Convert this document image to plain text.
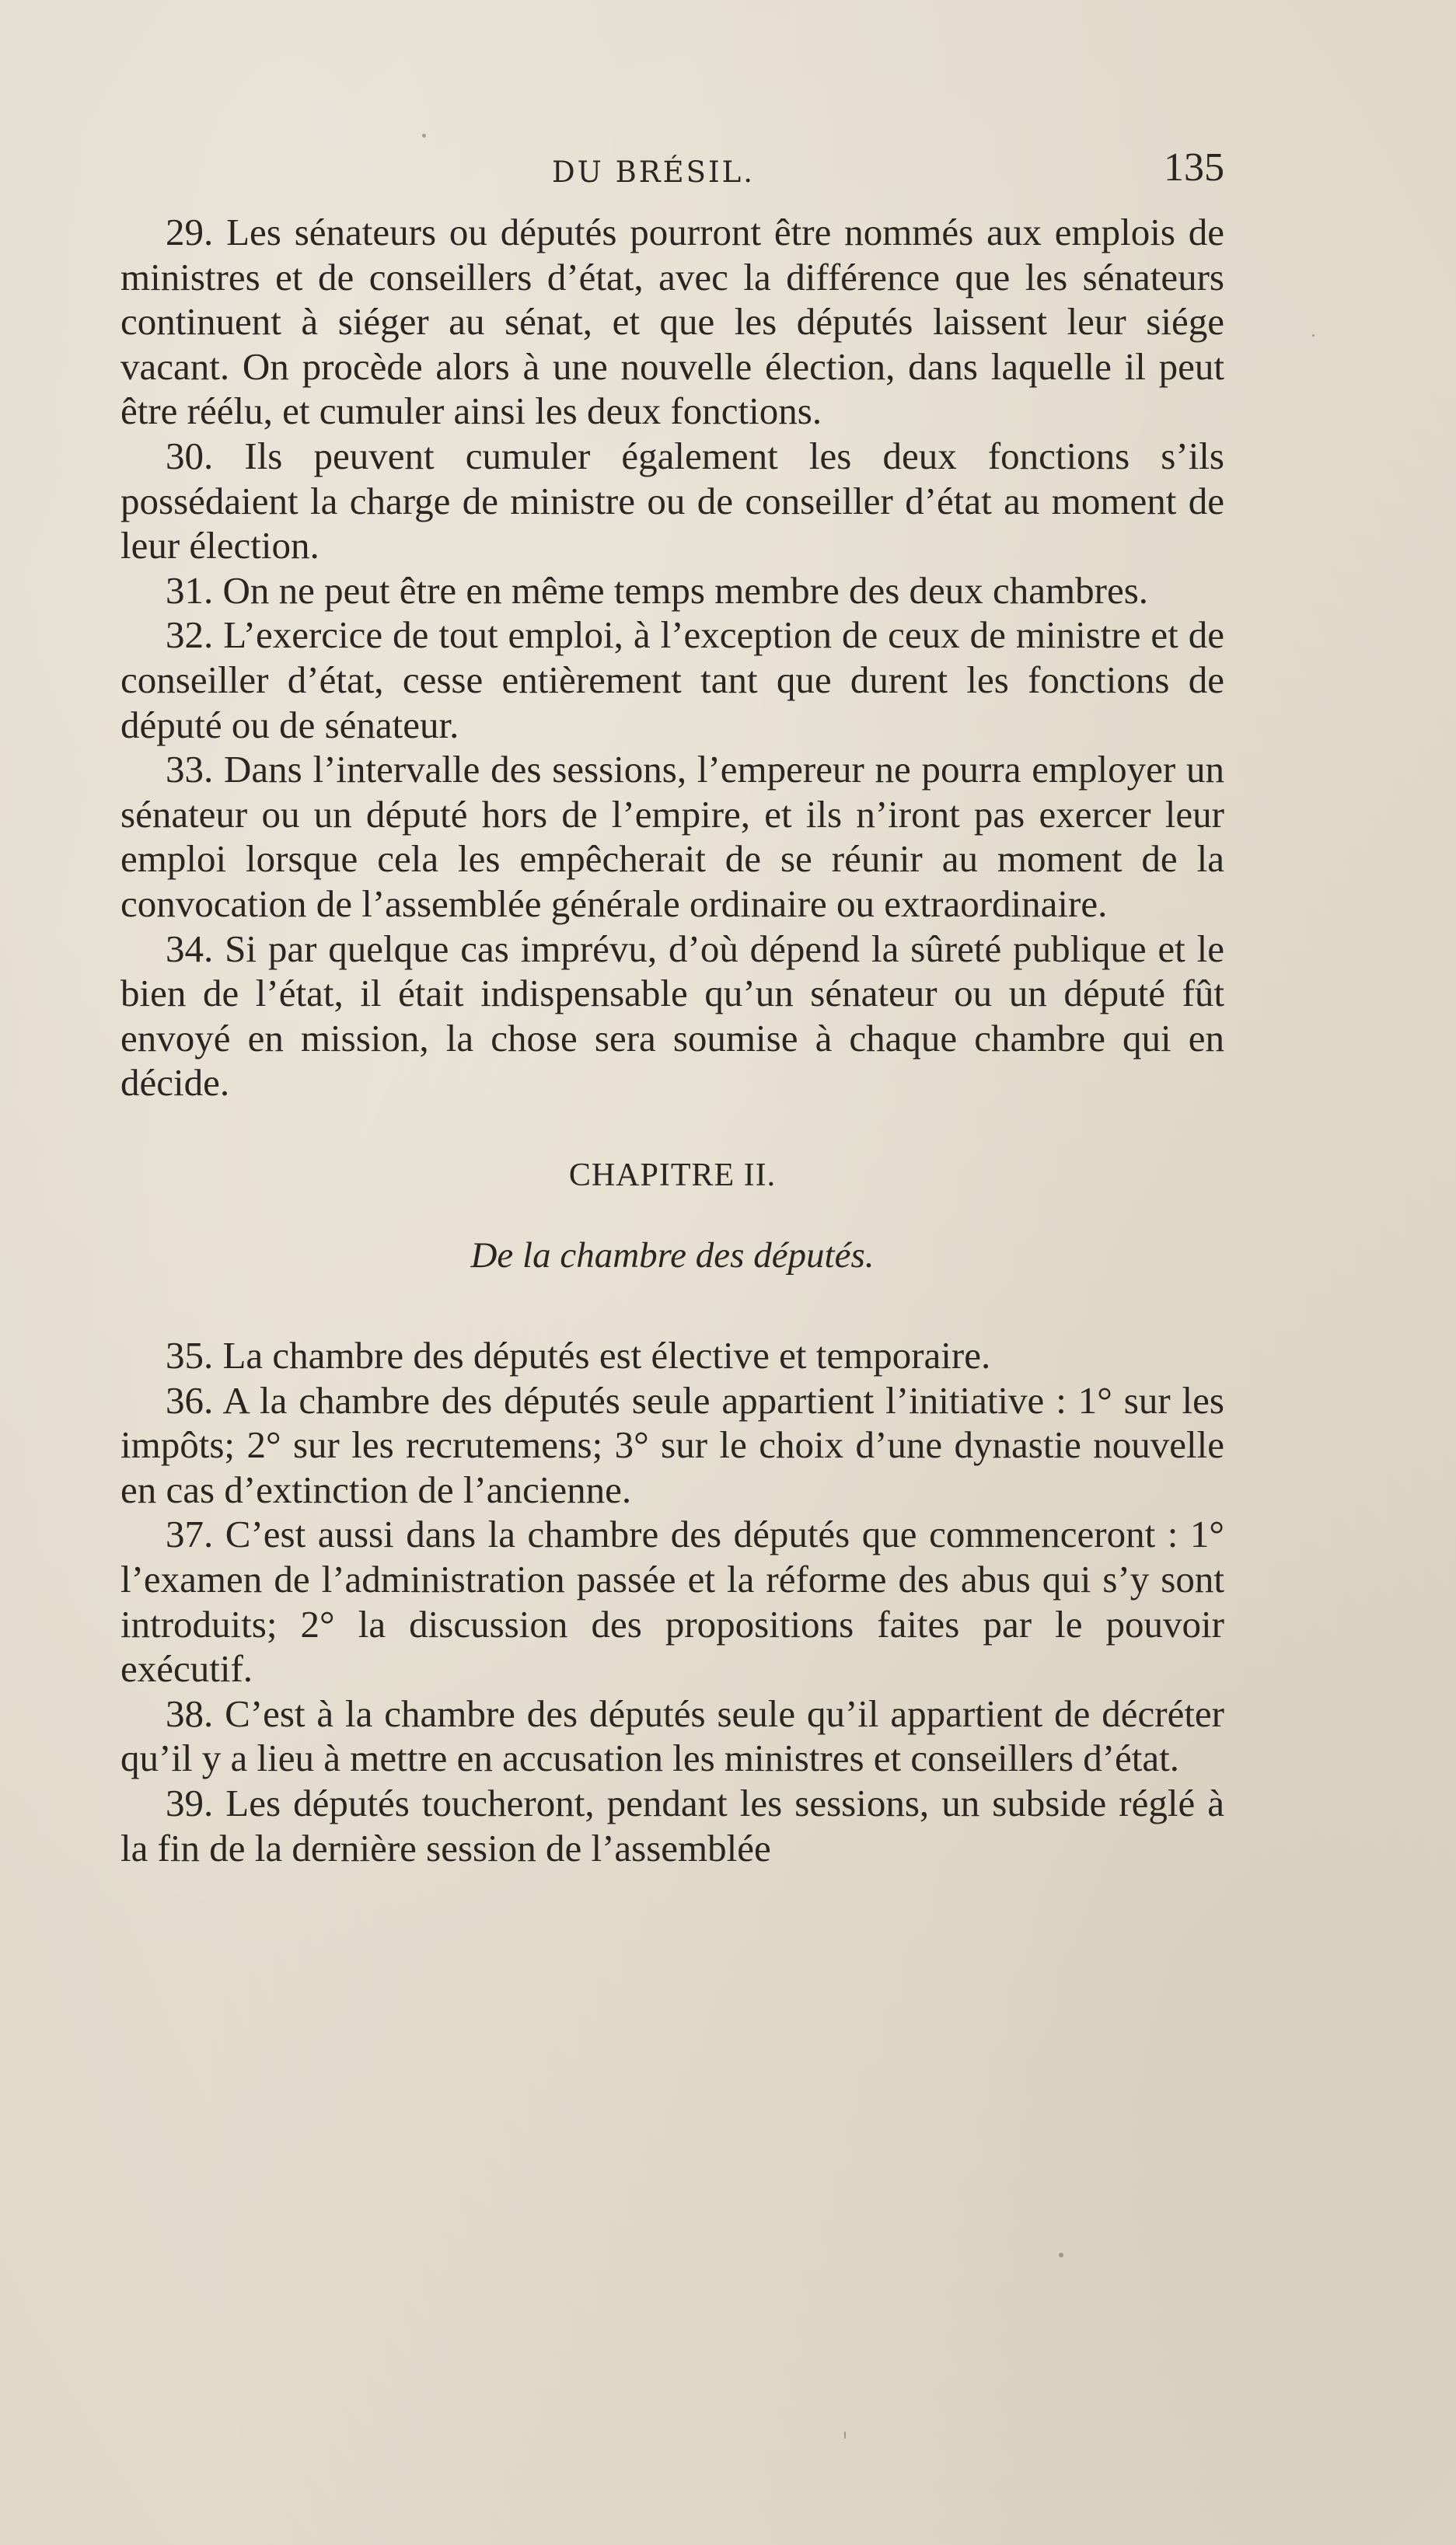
DU BRÉSIL.	135

29. Les sénateurs ou députés pourront être nommés aux emplois de ministres et de conseillers d’état, avec la différence que les sénateurs continuent à siéger au sénat, et que les députés laissent leur siége vacant. On procède alors à une nouvelle élection, dans laquelle il peut être réélu, et cumuler ainsi les deux fonctions.

30. Ils peuvent cumuler également les deux fonctions s’ils possédaient la charge de ministre ou de conseiller d’état au moment de leur élection.

31. On ne peut être en même temps membre des deux chambres.

32. L’exercice de tout emploi, à l’exception de ceux de ministre et de conseiller d’état, cesse entièrement tant que durent les fonctions de député ou de sénateur.

33. Dans l’intervalle des sessions, l’empereur ne pourra employer un sénateur ou un député hors de l’empire, et ils n’iront pas exercer leur emploi lorsque cela les empêcherait de se réunir au moment de la convocation de l’assemblée générale ordinaire ou extraordinaire.

34. Si par quelque cas imprévu, d’où dépend la sûreté publique et le bien de l’état, il était indispensable qu’un sénateur ou un député fût envoyé en mission, la chose sera soumise à chaque chambre qui en décide.

CHAPITRE II.
De la chambre des députés.

35. La chambre des députés est élective et temporaire.

36. A la chambre des députés seule appartient l’initiative : 1° sur les impôts; 2° sur les recrutemens; 3° sur le choix d’une dynastie nouvelle en cas d’extinction de l’ancienne.

37. C’est aussi dans la chambre des députés que commenceront : 1° l’examen de l’administration passée et la réforme des abus qui s’y sont introduits; 2° la discussion des propositions faites par le pouvoir exécutif.

38. C’est à la chambre des députés seule qu’il appartient de décréter qu’il y a lieu à mettre en accusation les ministres et conseillers d’état.

39. Les députés toucheront, pendant les sessions, un subside réglé à la fin de la dernière session de l’assemblée
